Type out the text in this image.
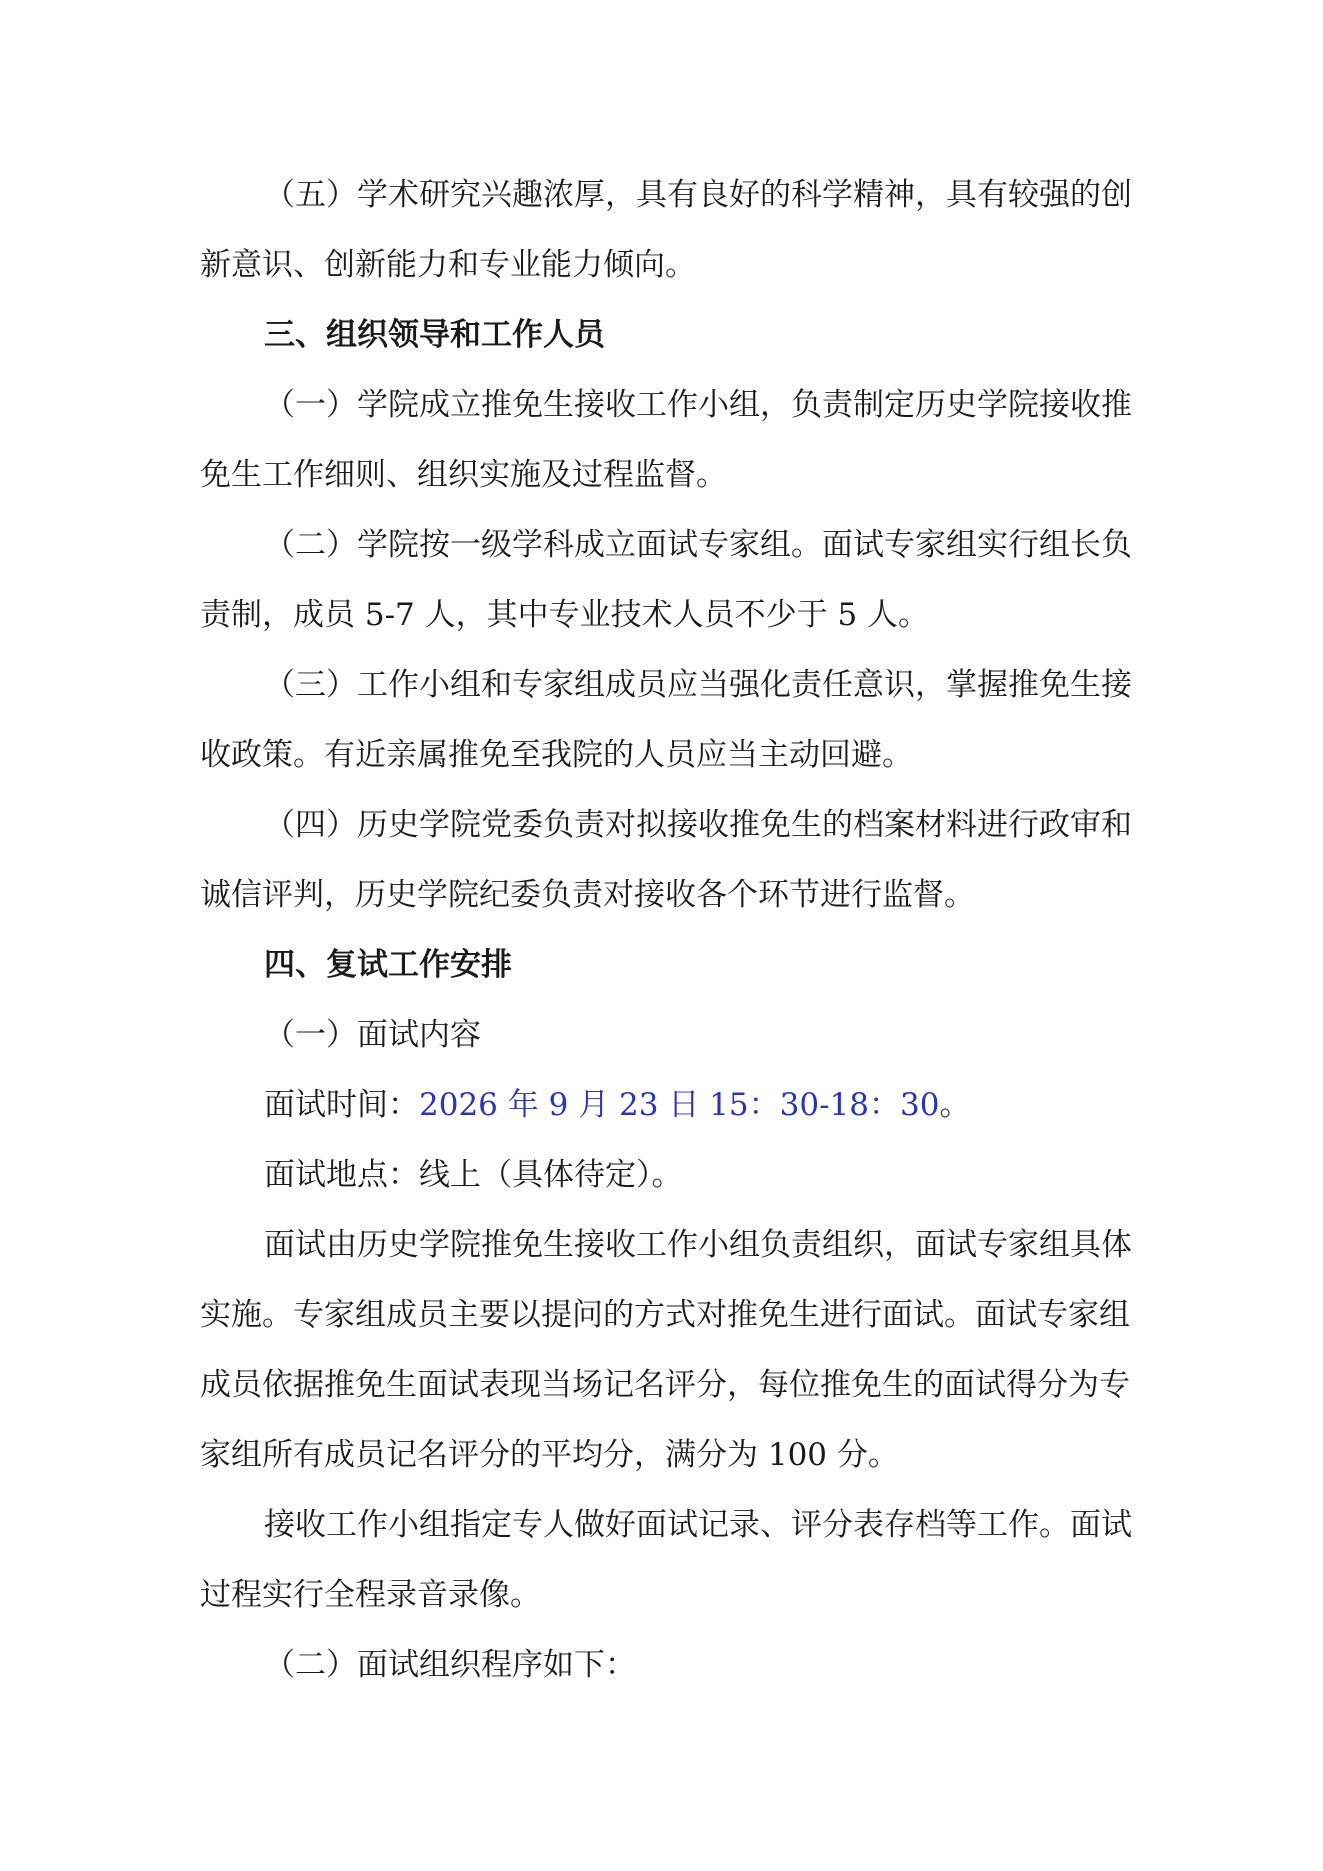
（五）学术研究兴趣浓厚，具有良好的科学精神，具有较强的创

新意识、创新能力和专业能力倾向。

三、组织领导和工作人员

（一）学院成立推免生接收工作小组，负责制定历史学院接收推

免生工作细则、组织实施及过程监督。

（二）学院按一级学科成立面试专家组。面试专家组实行组长负

责制，成员 5-7 人，其中专业技术人员不少于 5 人。

（三）工作小组和专家组成员应当强化责任意识，掌握推免生接

收政策。有近亲属推免至我院的人员应当主动回避。

（四）历史学院党委负责对拟接收推免生的档案材料进行政审和

诚信评判，历史学院纪委负责对接收各个环节进行监督。

四、复试工作安排

（一）面试内容

面试时间：2026 年 9 月 23 日 15：30-18：30。

面试地点：线上（具体待定）。

面试由历史学院推免生接收工作小组负责组织，面试专家组具体

实施。专家组成员主要以提问的方式对推免生进行面试。面试专家组

成员依据推免生面试表现当场记名评分，每位推免生的面试得分为专

家组所有成员记名评分的平均分，满分为 100 分。

接收工作小组指定专人做好面试记录、评分表存档等工作。面试

过程实行全程录音录像。

（二）面试组织程序如下：
